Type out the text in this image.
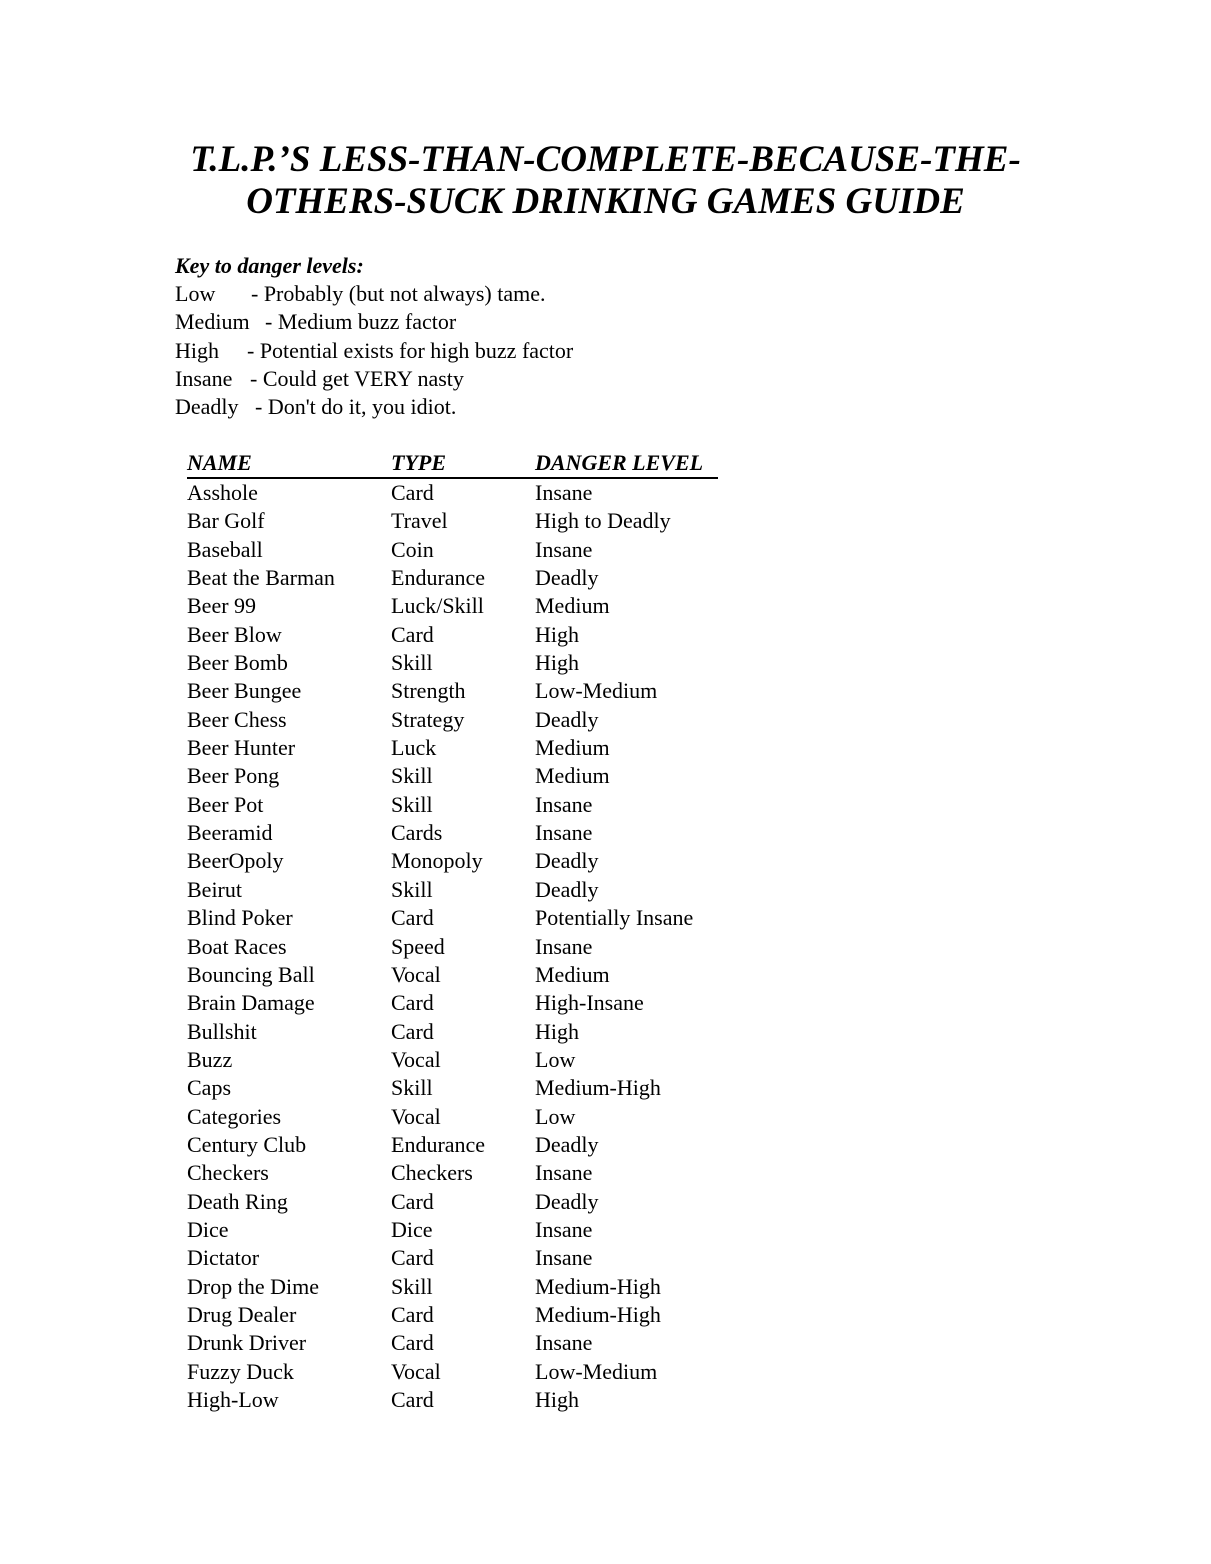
T.L.P.’S LESS-THAN-COMPLETE-BECAUSE-THE-
OTHERS-SUCK DRINKING GAMES GUIDE
Key to danger levels:
Low - Probably (but not always) tame.
Medium - Medium buzz factor
High - Potential exists for high buzz factor
Insane - Could get VERY nasty
Deadly - Don't do it, you idiot.
NAME	TYPE	DANGER LEVEL
Asshole	Card	Insane
Bar Golf	Travel	High to Deadly
Baseball	Coin	Insane
Beat the Barman	Endurance	Deadly
Beer 99	Luck/Skill	Medium
Beer Blow	Card	High
Beer Bomb	Skill	High
Beer Bungee	Strength	Low-Medium
Beer Chess	Strategy	Deadly
Beer Hunter	Luck	Medium
Beer Pong	Skill	Medium
Beer Pot	Skill	Insane
Beeramid	Cards	Insane
BeerOpoly	Monopoly	Deadly
Beirut	Skill	Deadly
Blind Poker	Card	Potentially Insane
Boat Races	Speed	Insane
Bouncing Ball	Vocal	Medium
Brain Damage	Card	High-Insane
Bullshit	Card	High
Buzz	Vocal	Low
Caps	Skill	Medium-High
Categories	Vocal	Low
Century Club	Endurance	Deadly
Checkers	Checkers	Insane
Death Ring	Card	Deadly
Dice	Dice	Insane
Dictator	Card	Insane
Drop the Dime	Skill	Medium-High
Drug Dealer	Card	Medium-High
Drunk Driver	Card	Insane
Fuzzy Duck	Vocal	Low-Medium
High-Low	Card	High
